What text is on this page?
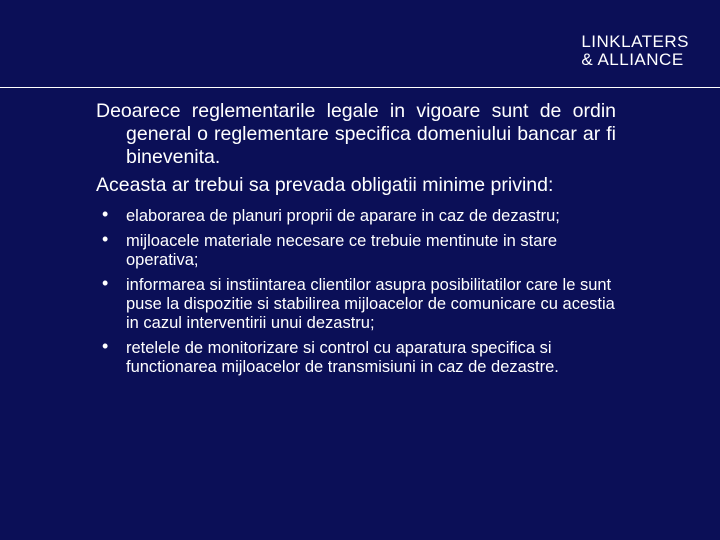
LINKLATERS
& ALLIANCE

Deoarece reglementarile legale in vigoare sunt de ordin general o reglementare specifica domeniului bancar ar fi binevenita.

Aceasta ar trebui sa prevada obligatii minime privind:

• elaborarea de planuri proprii de aparare in caz de dezastru;
• mijloacele materiale necesare ce trebuie mentinute in stare operativa;
• informarea si instiintarea clientilor asupra posibilitatilor care le sunt puse la dispozitie si stabilirea mijloacelor de comunicare cu acestia in cazul interventirii unui dezastru;
• retelele de monitorizare si control cu aparatura specifica si functionarea mijloacelor de transmisiuni in caz de dezastre.
